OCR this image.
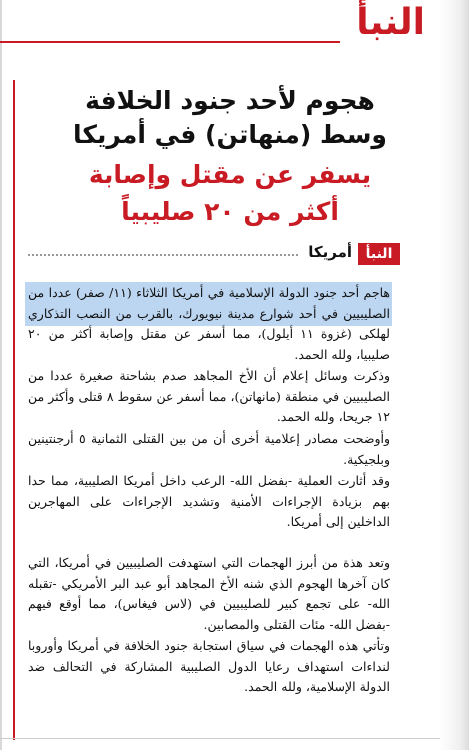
النبأ
هجوم لأحد جنود الخلافة
وسط (منهاتن) في أمريكا
يسفر عن مقتل وإصابة
أكثر من ٢٠ صليبياً
أمريكا النبأ
هاجم أحد جنود الدولة الإسلامية في أمريكا الثلاثاء (١١/ صفر) عددا من الصليبيين في أحد شوارع مدينة نيويورك، بالقرب من النصب التذكاري لهلكى (غزوة ١١ أيلول)، مما أسفر عن مقتل وإصابة أكثر من ٢٠ صليبيا، ولله الحمد.
وذكرت وسائل إعلام أن الأخ المجاهد صدم بشاحنة صغيرة عددا من الصليبيين في منطقة (مانهاتن)، مما أسفر عن سقوط ٨ قتلى وأكثر من ١٢ جريحا، ولله الحمد.
وأوضحت مصادر إعلامية أخرى أن من بين القتلى الثمانية ٥ أرجنتينين وبلجيكية.
وقد أثارت العملية -بفضل الله- الرعب داخل أمريكا الصليبية، مما حدا بهم بزيادة الإجراءات الأمنية وتشديد الإجراءات على المهاجرين الداخلين إلى أمريكا.
وتعد هذة من أبرز الهجمات التي استهدفت الصليبيين في أمريكا، التي كان آخرها الهجوم الذي شنه الأخ المجاهد أبو عبد البر الأمريكي -تقبله الله- على تجمع كبير للصليبيين في (لاس فيغاس)، مما أوقع فيهم -بفضل الله- مئات القتلى والمصابين.
وتأتي هذه الهجمات في سياق استجابة جنود الخلافة في أمريكا وأوروبا لنداءات استهداف رعايا الدول الصليبية المشاركة في التحالف ضد الدولة الإسلامية، ولله الحمد.
